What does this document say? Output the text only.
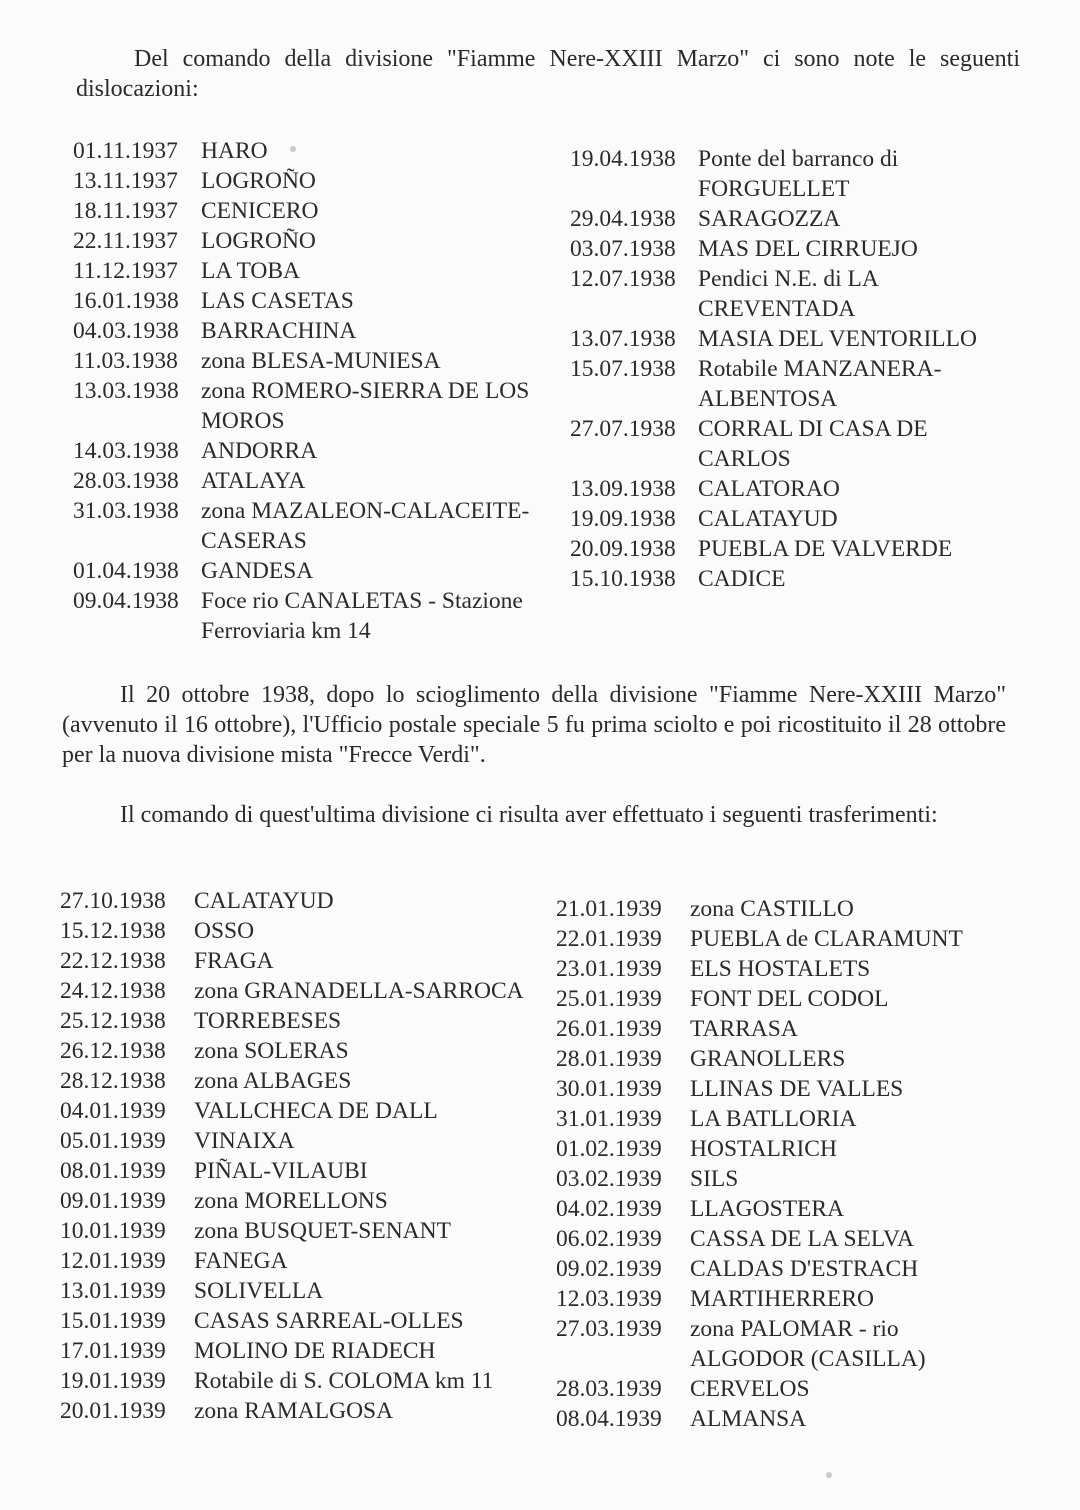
Del comando della divisione "Fiamme Nere-XXIII Marzo" ci sono note le seguenti dislocazioni:

01.11.1937 HARO
13.11.1937 LOGROÑO
18.11.1937 CENICERO
22.11.1937 LOGROÑO
11.12.1937 LA TOBA
16.01.1938 LAS CASETAS
04.03.1938 BARRACHINA
11.03.1938 zona BLESA-MUNIESA
13.03.1938 zona ROMERO-SIERRA DE LOS MOROS
14.03.1938 ANDORRA
28.03.1938 ATALAYA
31.03.1938 zona MAZALEON-CALACEITE-CASERAS
01.04.1938 GANDESA
09.04.1938 Foce rio CANALETAS - Stazione Ferroviaria km 14
19.04.1938 Ponte del barranco di FORGUELLET
29.04.1938 SARAGOZZA
03.07.1938 MAS DEL CIRRUEJO
12.07.1938 Pendici N.E. di LA CREVENTADA
13.07.1938 MASIA DEL VENTORILLO
15.07.1938 Rotabile MANZANERA-ALBENTOSA
27.07.1938 CORRAL DI CASA DE CARLOS
13.09.1938 CALATORAO
19.09.1938 CALATAYUD
20.09.1938 PUEBLA DE VALVERDE
15.10.1938 CADICE

Il 20 ottobre 1938, dopo lo scioglimento della divisione "Fiamme Nere-XXIII Marzo" (avvenuto il 16 ottobre), l'Ufficio postale speciale 5 fu prima sciolto e poi ricostituito il 28 ottobre per la nuova divisione mista "Frecce Verdi".

Il comando di quest'ultima divisione ci risulta aver effettuato i seguenti trasferimenti:

27.10.1938	CALATAYUD
15.12.1938	OSSO
22.12.1938	FRAGA
24.12.1938	zona GRANADELLA-SARROCA
25.12.1938	TORREBESES
26.12.1938	zona SOLERAS
28.12.1938	zona ALBAGES
04.01.1939	VALLCHECA DE DALL
05.01.1939	VINAIXA
08.01.1939	PIÑAL-VILAUBI
09.01.1939	zona MORELLONS
10.01.1939	zona BUSQUET-SENANT
12.01.1939	FANEGA
13.01.1939	SOLIVELLA
15.01.1939	CASAS SARREAL-OLLES
17.01.1939	MOLINO DE RIADECH
19.01.1939	Rotabile di S. COLOMA km 11
20.01.1939	zona RAMALGOSA
21.01.1939	zona CASTILLO
22.01.1939	PUEBLA de CLARAMUNT
23.01.1939	ELS HOSTALETS
25.01.1939	FONT DEL CODOL
26.01.1939	TARRASA
28.01.1939	GRANOLLERS
30.01.1939	LLINAS DE VALLES
31.01.1939	LA BATLLORIA
01.02.1939	HOSTALRICH
03.02.1939	SILS
04.02.1939	LLAGOSTERA
06.02.1939	CASSA DE LA SELVA
09.02.1939	CALDAS D'ESTRACH
12.03.1939	MARTIHERRERO
27.03.1939	zona PALOMAR - rio ALGODOR (CASILLA)
28.03.1939	CERVELOS
08.04.1939	ALMANSA
